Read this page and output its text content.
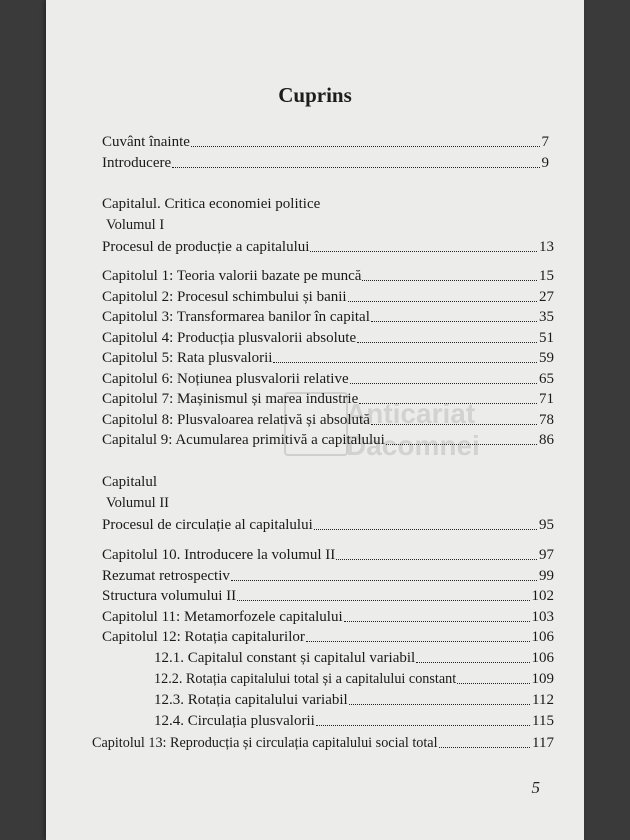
Anticariat Dacomnei
Cuprins
Cuvânt înainte	7
Introducere	9
Capitalul. Critica economiei politice
Volumul I
Procesul de producție a capitalului	13
Capitolul 1: Teoria valorii bazate pe muncă	15
Capitolul 2: Procesul schimbului și banii	27
Capitolul 3: Transformarea banilor în capital	35
Capitolul 4: Producția plusvalorii absolute	51
Capitolul 5: Rata plusvalorii	59
Capitolul 6: Noțiunea plusvalorii relative	65
Capitolul 7: Mașinismul și marea industrie	71
Capitolul 8: Plusvaloarea relativă și absolută	78
Capitalul 9: Acumularea primitivă a capitalului	86
Capitalul
Volumul II
Procesul de circulație al capitalului	95
Capitolul 10. Introducere la volumul II	97
Rezumat retrospectiv	99
Structura volumului II	102
Capitolul 11: Metamorfozele capitalului	103
Capitolul 12: Rotația capitalurilor	106
12.1. Capitalul constant și capitalul variabil	106
12.2. Rotația capitalului total și a capitalului constant	109
12.3. Rotația capitalului variabil	112
12.4. Circulația plusvalorii	115
Capitolul 13: Reproducția și circulația capitalului social total	117
5
